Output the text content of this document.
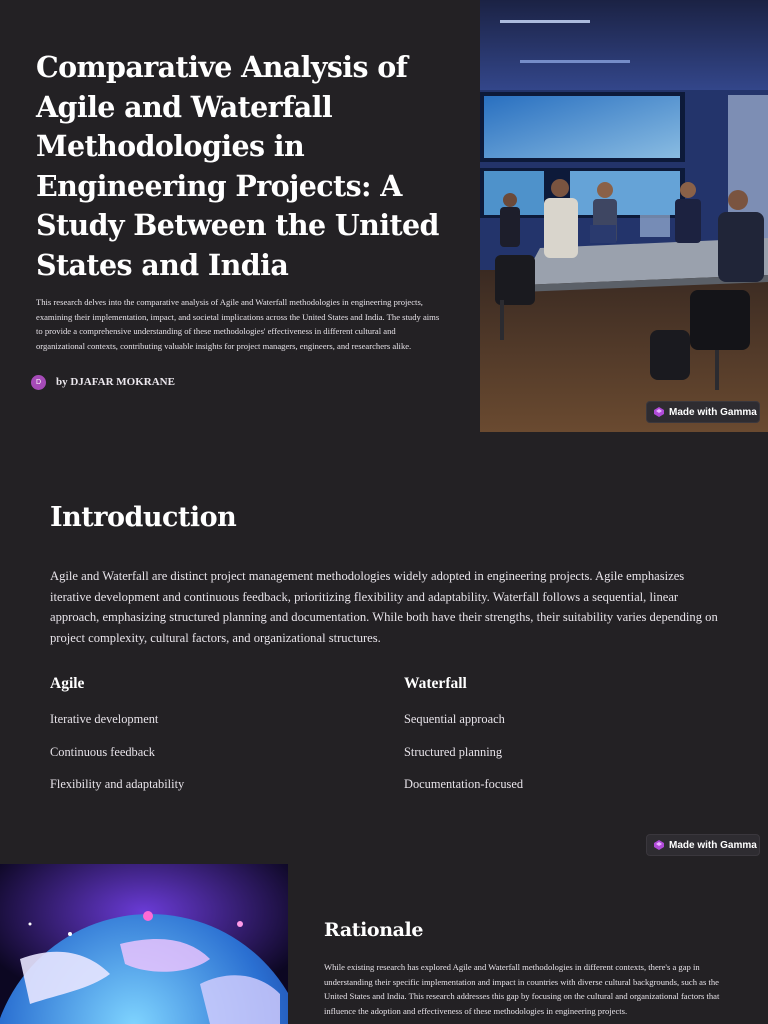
Comparative Analysis of Agile and Waterfall Methodologies in Engineering Projects: A Study Between the United States and India

This research delves into the comparative analysis of Agile and Waterfall methodologies in engineering projects, examining their implementation, impact, and societal implications across the United States and India. The study aims to provide a comprehensive understanding of these methodologies' effectiveness in different cultural and organizational contexts, contributing valuable insights for project managers, engineers, and researchers alike.

D	by DJAFAR MOKRANE
Made with Gamma
Introduction

Agile and Waterfall are distinct project management methodologies widely adopted in engineering projects. Agile emphasizes iterative development and continuous feedback, prioritizing flexibility and adaptability. Waterfall follows a sequential, linear approach, emphasizing structured planning and documentation. While both have their strengths, their suitability varies depending on project complexity, cultural factors, and organizational structures.

Agile
Iterative development
Continuous feedback
Flexibility and adaptability
Waterfall
Sequential approach
Structured planning
Documentation-focused
Made with Gamma
Rationale

While existing research has explored Agile and Waterfall methodologies in different contexts, there's a gap in understanding their specific implementation and impact in countries with diverse cultural backgrounds, such as the United States and India. This research addresses this gap by focusing on the cultural and organizational factors that influence the adoption and effectiveness of these methodologies in engineering projects.
